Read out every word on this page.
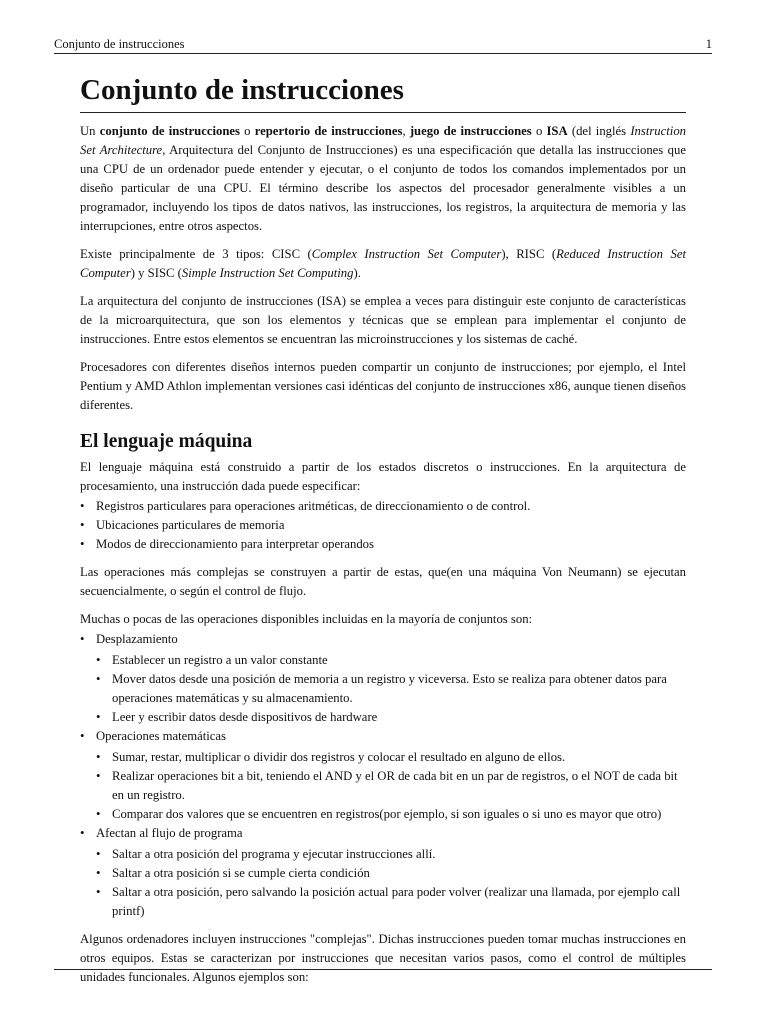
Conjunto de instrucciones	1
Conjunto de instrucciones

Un conjunto de instrucciones o repertorio de instrucciones, juego de instrucciones o ISA (del inglés Instruction Set Architecture, Arquitectura del Conjunto de Instrucciones) es una especificación que detalla las instrucciones que una CPU de un ordenador puede entender y ejecutar, o el conjunto de todos los comandos implementados por un diseño particular de una CPU. El término describe los aspectos del procesador generalmente visibles a un programador, incluyendo los tipos de datos nativos, las instrucciones, los registros, la arquitectura de memoria y las interrupciones, entre otros aspectos.

Existe principalmente de 3 tipos: CISC (Complex Instruction Set Computer), RISC (Reduced Instruction Set Computer) y SISC (Simple Instruction Set Computing).

La arquitectura del conjunto de instrucciones (ISA) se emplea a veces para distinguir este conjunto de características de la microarquitectura, que son los elementos y técnicas que se emplean para implementar el conjunto de instrucciones. Entre estos elementos se encuentran las microinstrucciones y los sistemas de caché.

Procesadores con diferentes diseños internos pueden compartir un conjunto de instrucciones; por ejemplo, el Intel Pentium y AMD Athlon implementan versiones casi idénticas del conjunto de instrucciones x86, aunque tienen diseños diferentes.

El lenguaje máquina

El lenguaje máquina está construido a partir de los estados discretos o instrucciones. En la arquitectura de procesamiento, una instrucción dada puede especificar:

• Registros particulares para operaciones aritméticas, de direccionamiento o de control.
• Ubicaciones particulares de memoria
• Modos de direccionamiento para interpretar operandos

Las operaciones más complejas se construyen a partir de estas, que(en una máquina Von Neumann) se ejecutan secuencialmente, o según el control de flujo.

Muchas o pocas de las operaciones disponibles incluidas en la mayoría de conjuntos son:

• Desplazamiento
• Establecer un registro a un valor constante
• Mover datos desde una posición de memoria a un registro y viceversa. Esto se realiza para obtener datos para operaciones matemáticas y su almacenamiento.
• Leer y escribir datos desde dispositivos de hardware
• Operaciones matemáticas
• Sumar, restar, multiplicar o dividir dos registros y colocar el resultado en alguno de ellos.
• Realizar operaciones bit a bit, teniendo el AND y el OR de cada bit en un par de registros, o el NOT de cada bit en un registro.
• Comparar dos valores que se encuentren en registros(por ejemplo, si son iguales o si uno es mayor que otro)
• Afectan al flujo de programa
• Saltar a otra posición del programa y ejecutar instrucciones allí.
• Saltar a otra posición si se cumple cierta condición
• Saltar a otra posición, pero salvando la posición actual para poder volver (realizar una llamada, por ejemplo call printf)

Algunos ordenadores incluyen instrucciones "complejas". Dichas instrucciones pueden tomar muchas instrucciones en otros equipos. Estas se caracterizan por instrucciones que necesitan varios pasos, como el control de múltiples unidades funcionales. Algunos ejemplos son:
